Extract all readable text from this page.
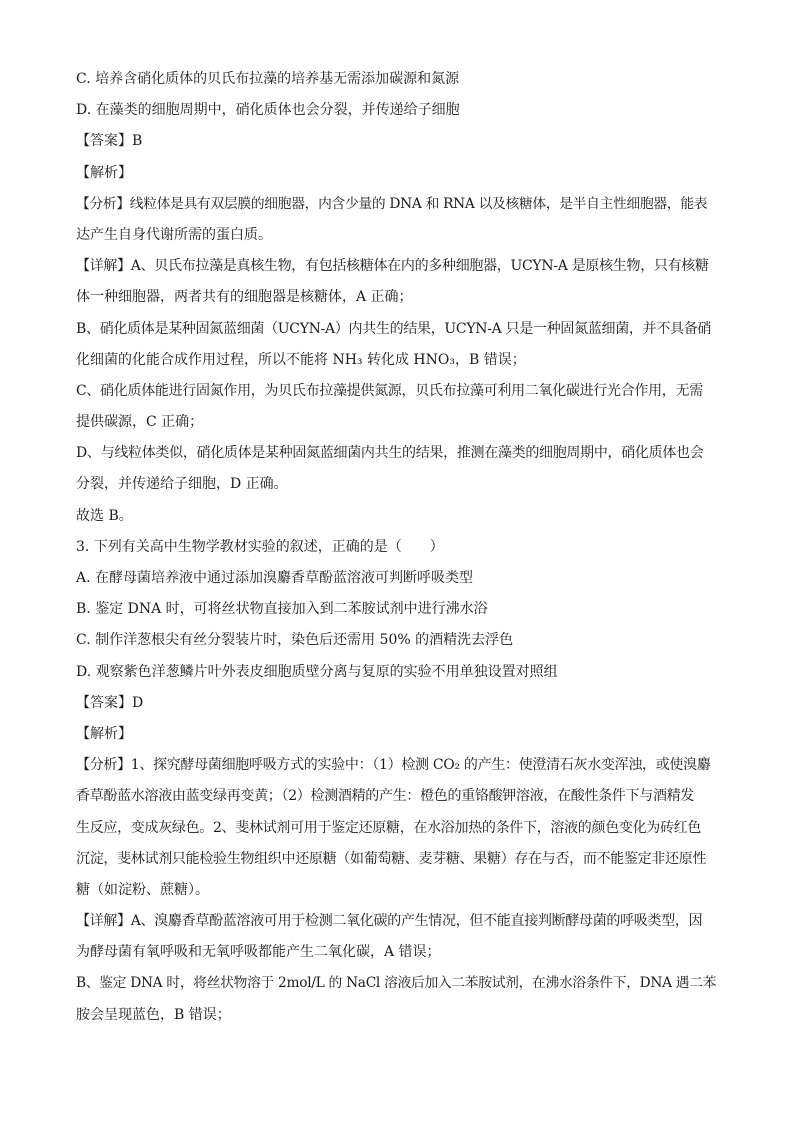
C. 培养含硝化质体的贝氏布拉藻的培养基无需添加碳源和氮源
D. 在藻类的细胞周期中，硝化质体也会分裂，并传递给子细胞
【答案】B
【解析】
【分析】线粒体是具有双层膜的细胞器，内含少量的 DNA 和 RNA 以及核糖体，是半自主性细胞器，能表
达产生自身代谢所需的蛋白质。
【详解】A、贝氏布拉藻是真核生物，有包括核糖体在内的多种细胞器，UCYN-A 是原核生物，只有核糖
体一种细胞器，两者共有的细胞器是核糖体，A 正确；
B、硝化质体是某种固氮蓝细菌（UCYN-A）内共生的结果，UCYN-A 只是一种固氮蓝细菌，并不具备硝
化细菌的化能合成作用过程，所以不能将 NH₃ 转化成 HNO₃，B 错误；
C、硝化质体能进行固氮作用，为贝氏布拉藻提供氮源，贝氏布拉藻可利用二氧化碳进行光合作用，无需
提供碳源，C 正确；
D、与线粒体类似，硝化质体是某种固氮蓝细菌内共生的结果，推测在藻类的细胞周期中，硝化质体也会
分裂，并传递给子细胞，D 正确。
故选 B。
3. 下列有关高中生物学教材实验的叙述，正确的是（　　）
A. 在酵母菌培养液中通过添加溴麝香草酚蓝溶液可判断呼吸类型
B. 鉴定 DNA 时，可将丝状物直接加入到二苯胺试剂中进行沸水浴
C. 制作洋葱根尖有丝分裂装片时，染色后还需用 50% 的酒精洗去浮色
D. 观察紫色洋葱鳞片叶外表皮细胞质壁分离与复原的实验不用单独设置对照组
【答案】D
【解析】
【分析】1、探究酵母菌细胞呼吸方式的实验中：（1）检测 CO₂ 的产生：使澄清石灰水变浑浊，或使溴麝
香草酚蓝水溶液由蓝变绿再变黄；（2）检测酒精的产生：橙色的重铬酸钾溶液，在酸性条件下与酒精发
生反应，变成灰绿色。2、斐林试剂可用于鉴定还原糖，在水浴加热的条件下，溶液的颜色变化为砖红色
沉淀，斐林试剂只能检验生物组织中还原糖（如葡萄糖、麦芽糖、果糖）存在与否，而不能鉴定非还原性
糖（如淀粉、蔗糖）。
【详解】A、溴麝香草酚蓝溶液可用于检测二氧化碳的产生情况，但不能直接判断酵母菌的呼吸类型，因
为酵母菌有氧呼吸和无氧呼吸都能产生二氧化碳，A 错误；
B、鉴定 DNA 时，将丝状物溶于 2mol/L 的 NaCl 溶液后加入二苯胺试剂，在沸水浴条件下，DNA 遇二苯
胺会呈现蓝色，B 错误；
